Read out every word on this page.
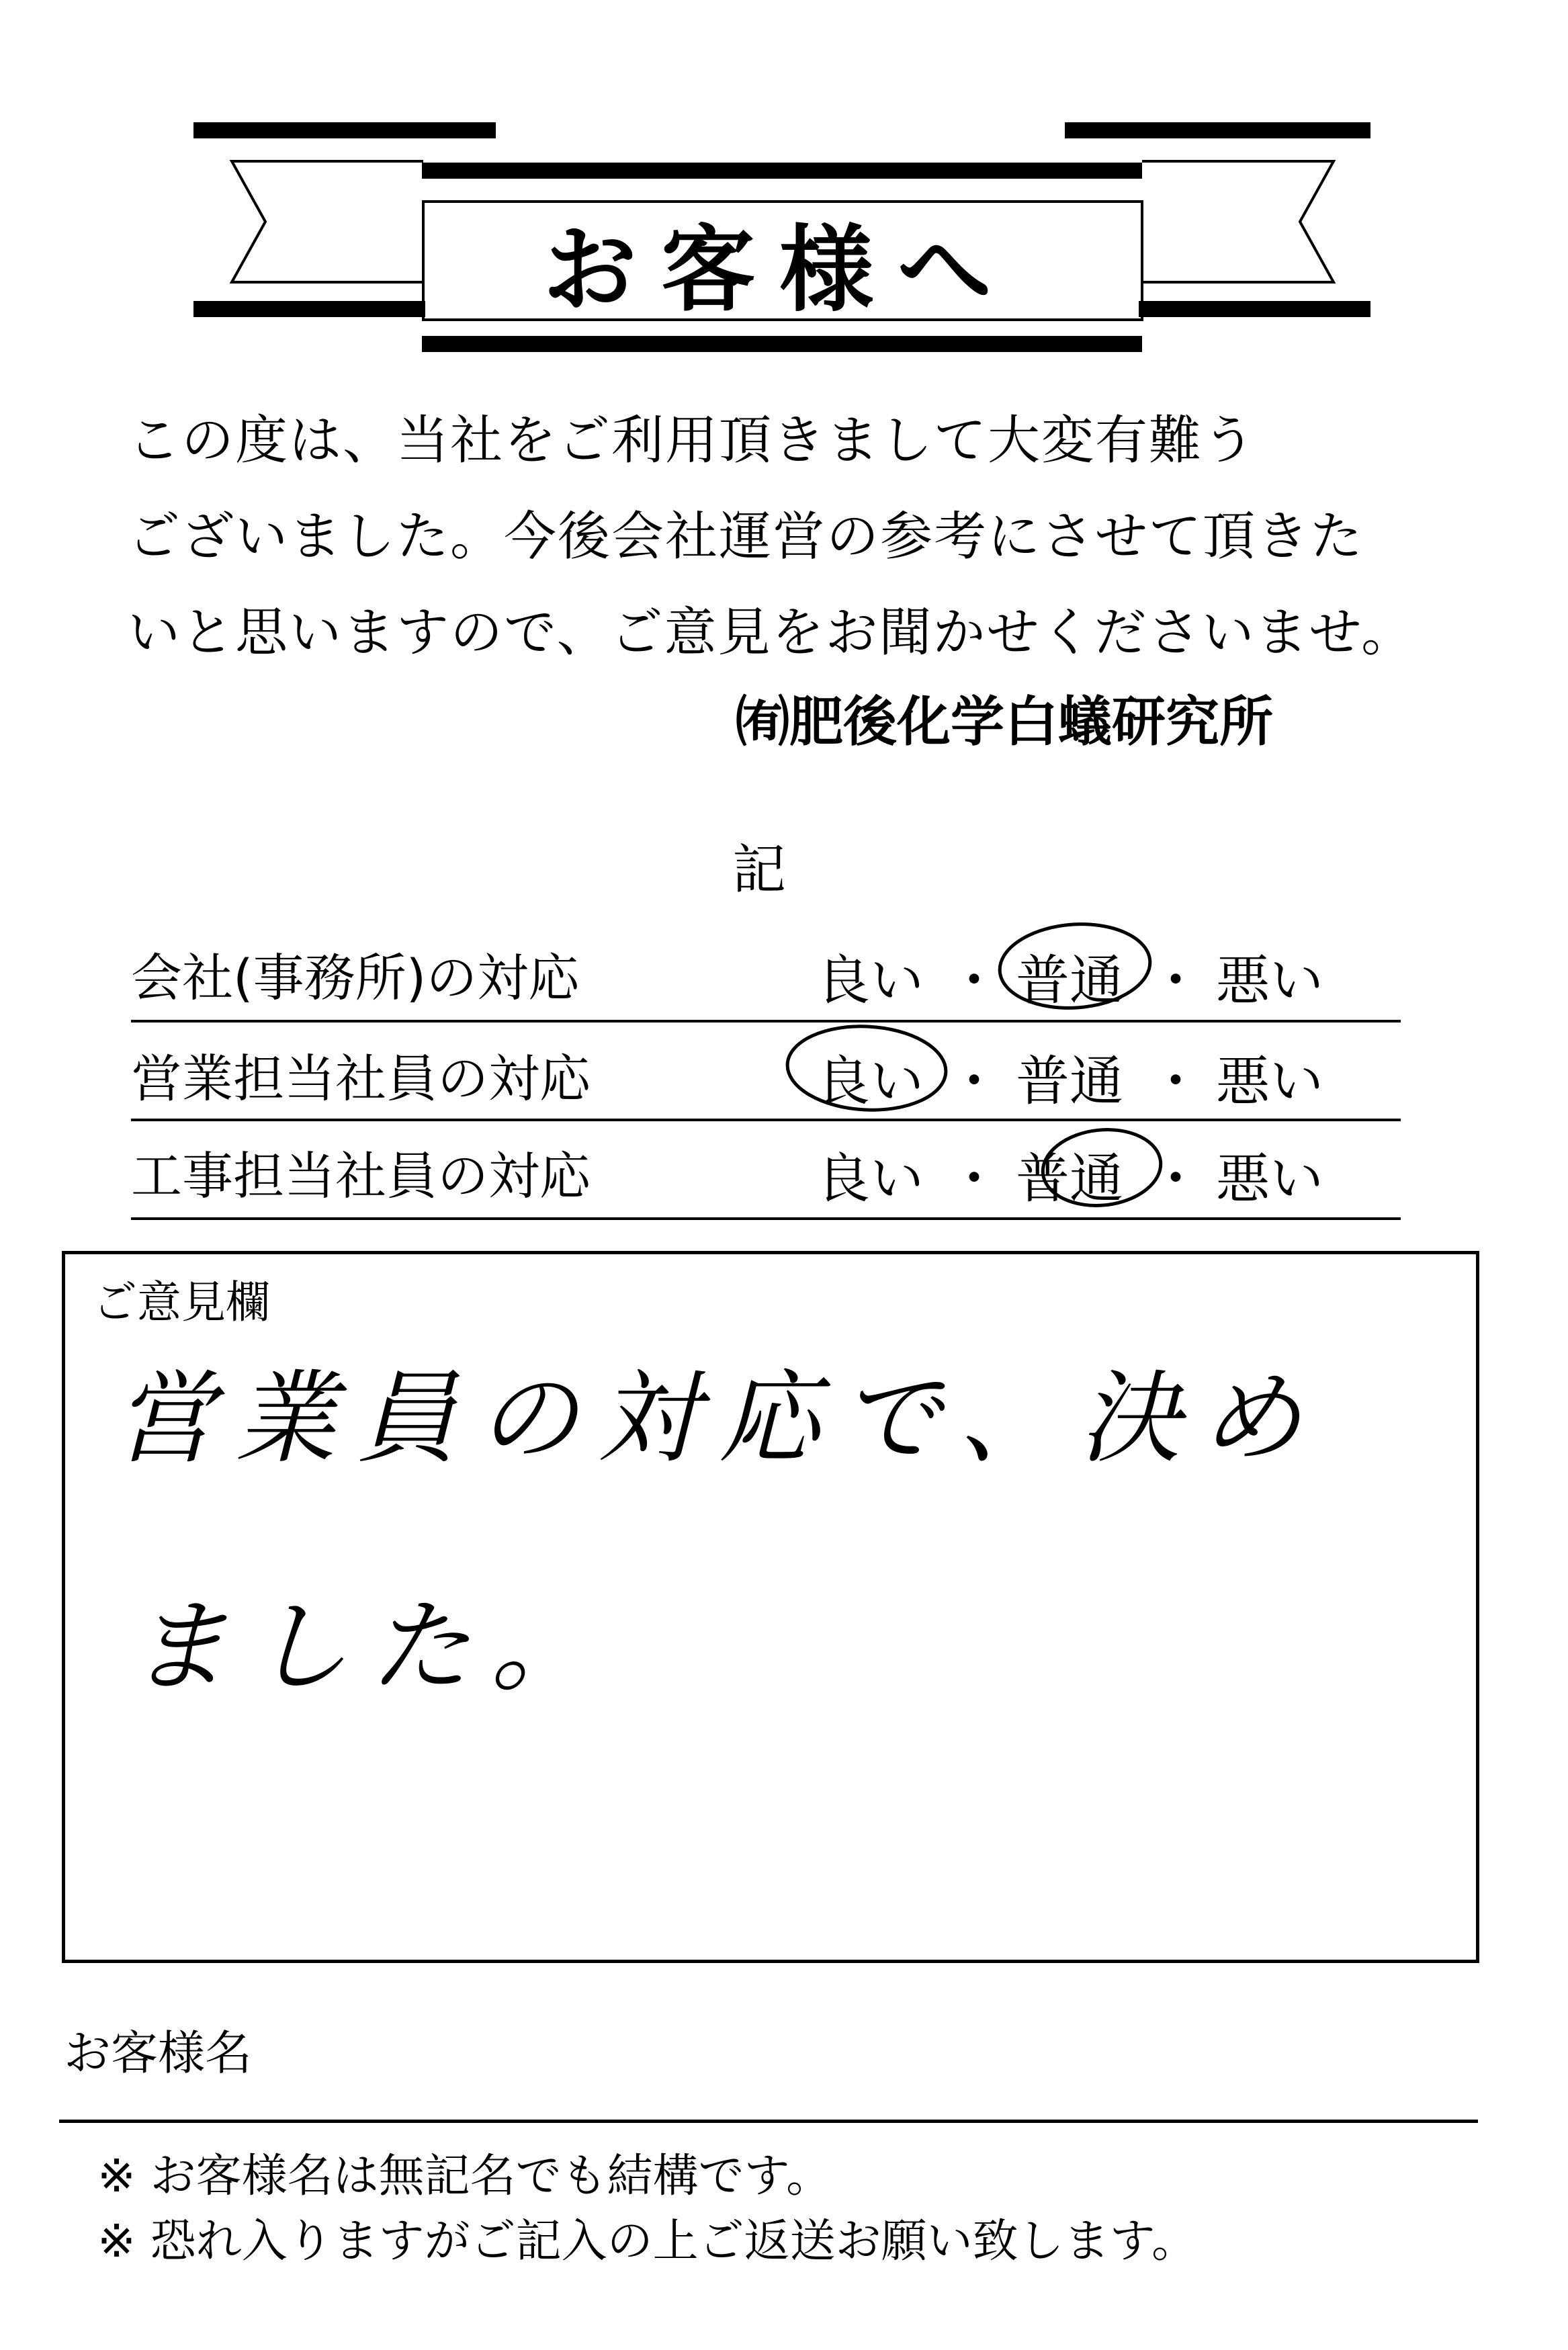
お客様へ
この度は、当社をご利用頂きまして大変有難う
ございました。今後会社運営の参考にさせて頂きた
いと思いますので、ご意見をお聞かせくださいませ。
㈲肥後化学白蟻研究所
記
会社(事務所)の対応	良い ・ 普通 ・ 悪い
営業担当社員の対応	良い ・ 普通 ・ 悪い
工事担当社員の対応	良い ・ 普通 ・ 悪い
ご意見欄
営業員の対応で、決め
ました。
お客様名
※ お客様名は無記名でも結構です。
※ 恐れ入りますがご記入の上ご返送お願い致します。
